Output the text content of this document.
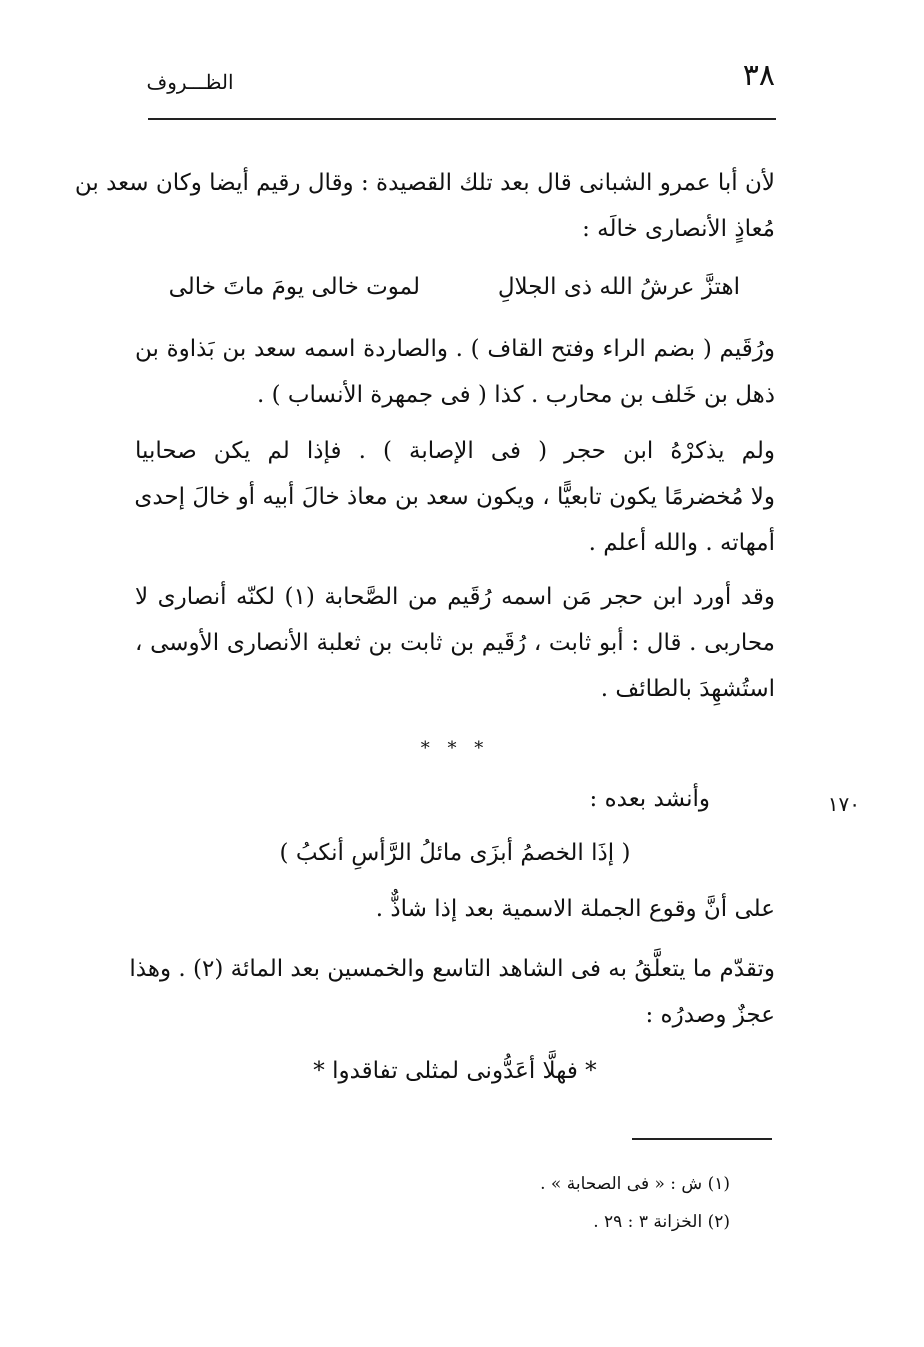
الظـــروف	٣٨
لأن أبا عمرو الشبانى قال بعد تلك القصيدة : وقال رقيم أيضا وكان سعد بن
مُعاذٍ الأنصارى خالَه :
اهتزَّ عرشُ الله ذى الجلالِ
لموت خالى يومَ ماتَ خالى
ورُقَيم ( بضم الراء وفتح القاف ) . والصاردة اسمه سعد بن بَذاوة بن
ذهل بن خَلف بن محارب . كذا ( فى جمهرة الأنساب ) .
ولم يذكرْهُ ابن حجر ( فى الإصابة ) . فإذا لم يكن صحابيا
ولا مُخضرمًا يكون تابعيًّا ، ويكون سعد بن معاذ خالَ أبيه أو خالَ إحدى
أمهاته . والله أعلم .
وقد أورد ابن حجر مَن اسمه رُقَيم من الصَّحابة (١) لكنّه أنصارى لا
محاربى . قال : أبو ثابت ، رُقَيم بن ثابت بن ثعلبة الأنصارى الأوسى ،
استُشهِدَ بالطائف .
* * *
١٧٠
وأنشد بعده :
( إذَا الخصمُ أبزَى مائلُ الرَّأسِ أنكبُ )
على أنَّ وقوع الجملة الاسمية بعد إذا شاذٌّ .
وتقدّم ما يتعلَّقُ به فى الشاهد التاسع والخمسين بعد المائة (٢) . وهذا
عجزٌ وصدرُه :
* فهلَّا أعَدُّونى لمثلى تفاقدوا *
(١) ش : « فى الصحابة » .
(٢) الخزانة ٣ : ٢٩ .
